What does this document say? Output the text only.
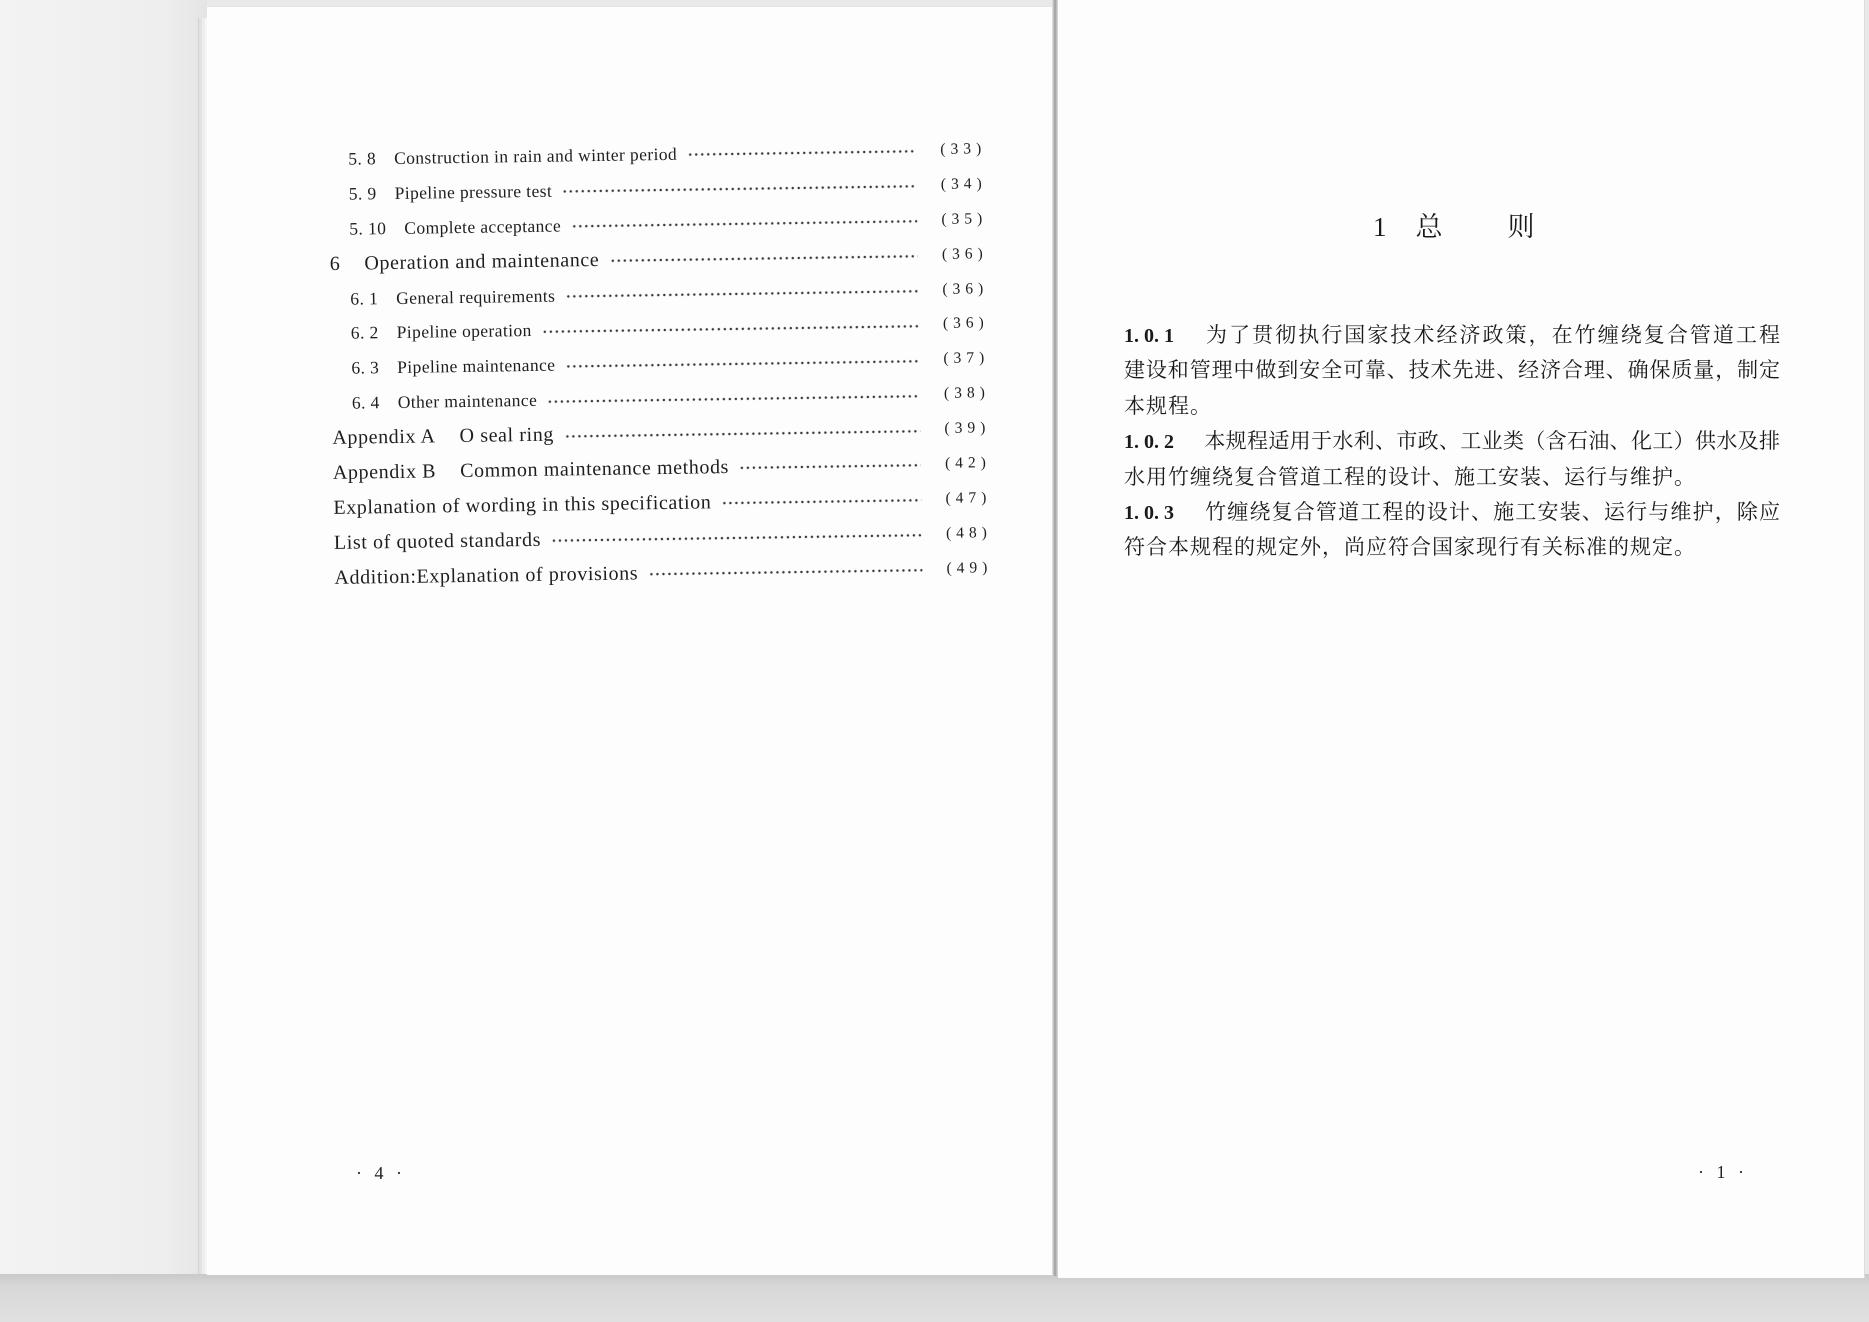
5. 8 Construction in rain and winter period	(33)
5. 9 Pipeline pressure test	(34)
5. 10 Complete acceptance	(35)
6 Operation and maintenance	(36)
6. 1 General requirements	(36)
6. 2 Pipeline operation	(36)
6. 3 Pipeline maintenance	(37)
6. 4 Other maintenance	(38)
Appendix A O seal ring	(39)
Appendix B Common maintenance methods	(42)
Explanation of wording in this specification	(47)
List of quoted standards	(48)
Addition:Explanation of provisions	(49)
· 4 ·
1 总则
1. 0. 1 为了贯彻执行国家技术经济政策，在竹缠绕复合管道工程
建设和管理中做到安全可靠、技术先进、经济合理、确保质量，制定
本规程。
1. 0. 2 本规程适用于水利、市政、工业类（含石油、化工）供水及排
水用竹缠绕复合管道工程的设计、施工安装、运行与维护。
1. 0. 3 竹缠绕复合管道工程的设计、施工安装、运行与维护，除应
符合本规程的规定外，尚应符合国家现行有关标准的规定。
· 1 ·
